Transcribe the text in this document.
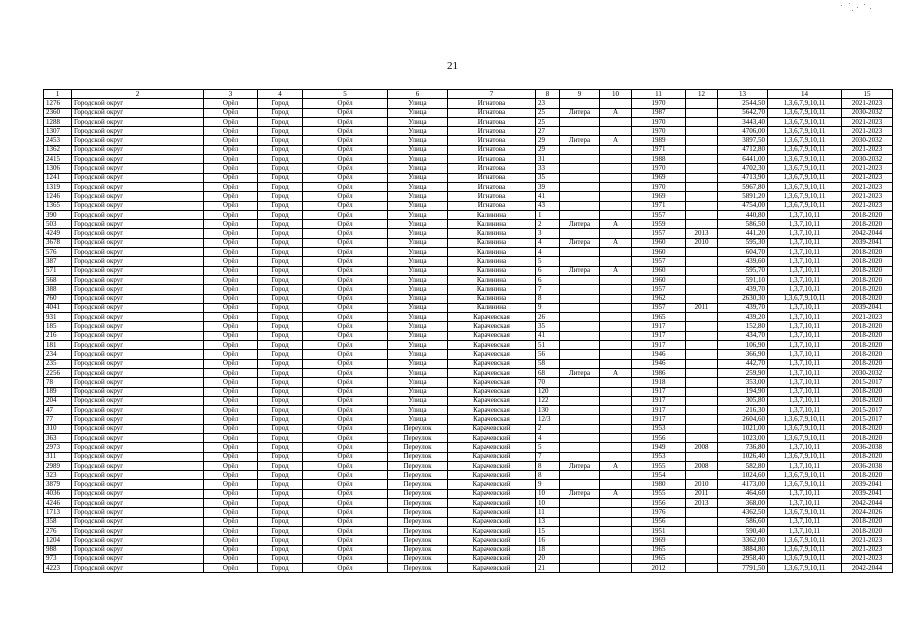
21
1	2	3	4	5	6	7	8	9	10	11	12	13	14	15
1276	Городской округ	Орёл	Город	Орёл	Улица	Игнатова	23			1970		2544,50	1,3,6,7,9,10,11	2021-2023
2360	Городской округ	Орёл	Город	Орёл	Улица	Игнатова	25	Литера	А	1987		5642,70	1,3,6,7,9,10,11	2030-2032
1288	Городской округ	Орёл	Город	Орёл	Улица	Игнатова	25			1970		3443,40	1,3,6,7,9,10,11	2021-2023
1307	Городской округ	Орёл	Город	Орёл	Улица	Игнатова	27			1970		4706,00	1,3,6,7,9,10,11	2021-2023
2453	Городской округ	Орёл	Город	Орёл	Улица	Игнатова	29	Литера	А	1989		3897,50	1,3,6,7,9,10,11	2030-2032
1362	Городской округ	Орёл	Город	Орёл	Улица	Игнатова	29			1971		4712,80	1,3,6,7,9,10,11	2021-2023
2415	Городской округ	Орёл	Город	Орёл	Улица	Игнатова	31			1988		6441,00	1,3,6,7,9,10,11	2030-2032
1306	Городской округ	Орёл	Город	Орёл	Улица	Игнатова	33			1970		4702,30	1,3,6,7,9,10,11	2021-2023
1241	Городской округ	Орёл	Город	Орёл	Улица	Игнатова	35			1969		4713,90	1,3,6,7,9,10,11	2021-2023
1319	Городской округ	Орёл	Город	Орёл	Улица	Игнатова	39			1970		5967,80	1,3,6,7,9,10,11	2021-2023
1246	Городской округ	Орёл	Город	Орёл	Улица	Игнатова	41			1969		5891,20	1,3,6,7,9,10,11	2021-2023
1365	Городской округ	Орёл	Город	Орёл	Улица	Игнатова	43			1971		4754,00	1,3,6,7,9,10,11	2021-2023
390	Городской округ	Орёл	Город	Орёл	Улица	Калинина	1			1957		440,80	1,3,7,10,11	2018-2020
503	Городской округ	Орёл	Город	Орёл	Улица	Калинина	2	Литера	А	1959		586,50	1,3,7,10,11	2018-2020
4249	Городской округ	Орёл	Город	Орёл	Улица	Калинина	3			1957	2013	441,20	1,3,7,10,11	2042-2044
3678	Городской округ	Орёл	Город	Орёл	Улица	Калинина	4	Литера	А	1960	2010	595,30	1,3,7,10,11	2039-2041
576	Городской округ	Орёл	Город	Орёл	Улица	Калинина	4			1960		604,70	1,3,7,10,11	2018-2020
387	Городской округ	Орёл	Город	Орёл	Улица	Калинина	5			1957		439,60	1,3,7,10,11	2018-2020
571	Городской округ	Орёл	Город	Орёл	Улица	Калинина	6	Литера	А	1960		595,70	1,3,7,10,11	2018-2020
568	Городской округ	Орёл	Город	Орёл	Улица	Калинина	6			1960		591,10	1,3,7,10,11	2018-2020
388	Городской округ	Орёл	Город	Орёл	Улица	Калинина	7			1957		439,70	1,3,7,10,11	2018-2020
760	Городской округ	Орёл	Город	Орёл	Улица	Калинина	8			1962		2630,30	1,3,6,7,9,10,11	2018-2020
4041	Городской округ	Орёл	Город	Орёл	Улица	Калинина	9			1957	2011	439,70	1,3,7,10,11	2039-2041
931	Городской округ	Орёл	Город	Орёл	Улица	Карачевская	26			1965		439,20	1,3,7,10,11	2021-2023
185	Городской округ	Орёл	Город	Орёл	Улица	Карачевская	35			1917		152,80	1,3,7,10,11	2018-2020
216	Городской округ	Орёл	Город	Орёл	Улица	Карачевская	41			1917		434,70	1,3,7,10,11	2018-2020
181	Городской округ	Орёл	Город	Орёл	Улица	Карачевская	51			1917		106,90	1,3,7,10,11	2018-2020
234	Городской округ	Орёл	Город	Орёл	Улица	Карачевская	56			1946		366,90	1,3,7,10,11	2018-2020
235	Городской округ	Орёл	Город	Орёл	Улица	Карачевская	58			1946		442,70	1,3,7,10,11	2018-2020
2256	Городской округ	Орёл	Город	Орёл	Улица	Карачевская	68	Литера	А	1986		259,90	1,3,7,10,11	2030-2032
78	Городской округ	Орёл	Город	Орёл	Улица	Карачевская	70			1918		353,00	1,3,7,10,11	2015-2017
189	Городской округ	Орёл	Город	Орёл	Улица	Карачевская	120			1917		194,90	1,3,7,10,11	2018-2020
204	Городской округ	Орёл	Город	Орёл	Улица	Карачевская	122			1917		305,80	1,3,7,10,11	2018-2020
47	Городской округ	Орёл	Город	Орёл	Улица	Карачевская	130			1917		216,30	1,3,7,10,11	2015-2017
77	Городской округ	Орёл	Город	Орёл	Улица	Карачевская	12/3			1917		2604,60	1,3,6,7,9,10,11	2015-2017
310	Городской округ	Орёл	Город	Орёл	Переулок	Карачевский	2			1953		1021,00	1,3,6,7,9,10,11	2018-2020
363	Городской округ	Орёл	Город	Орёл	Переулок	Карачевский	4			1956		1023,00	1,3,6,7,9,10,11	2018-2020
2973	Городской округ	Орёл	Город	Орёл	Переулок	Карачевский	5			1949	2008	736,80	1,3,7,10,11	2036-2038
311	Городской округ	Орёл	Город	Орёл	Переулок	Карачевский	7			1953		1026,40	1,3,6,7,9,10,11	2018-2020
2989	Городской округ	Орёл	Город	Орёл	Переулок	Карачевский	8	Литера	А	1955	2008	582,80	1,3,7,10,11	2036-2038
323	Городской округ	Орёл	Город	Орёл	Переулок	Карачевский	8			1954		1024,60	1,3,6,7,9,10,11	2018-2020
3879	Городской округ	Орёл	Город	Орёл	Переулок	Карачевский	9			1980	2010	4173,00	1,3,6,7,9,10,11	2039-2041
4036	Городской округ	Орёл	Город	Орёл	Переулок	Карачевский	10	Литера	А	1955	2011	464,60	1,3,7,10,11	2039-2041
4246	Городской округ	Орёл	Город	Орёл	Переулок	Карачевский	10			1956	2013	368,00	1,3,7,10,11	2042-2044
1713	Городской округ	Орёл	Город	Орёл	Переулок	Карачевский	11			1976		4362,50	1,3,6,7,9,10,11	2024-2026
358	Городской округ	Орёл	Город	Орёл	Переулок	Карачевский	13			1956		586,60	1,3,7,10,11	2018-2020
276	Городской округ	Орёл	Город	Орёл	Переулок	Карачевский	15			1951		590,40	1,3,7,10,11	2018-2020
1204	Городской округ	Орёл	Город	Орёл	Переулок	Карачевский	16			1969		3362,00	1,3,6,7,9,10,11	2021-2023
988	Городской округ	Орёл	Город	Орёл	Переулок	Карачевский	18			1965		3884,80	1,3,6,7,9,10,11	2021-2023
973	Городской округ	Орёл	Город	Орёл	Переулок	Карачевский	20			1965		2958,40	1,3,6,7,9,10,11	2021-2023
4223	Городской округ	Орёл	Город	Орёл	Переулок	Карачевский	21			2012		7791,50	1,3,6,7,9,10,11	2042-2044
